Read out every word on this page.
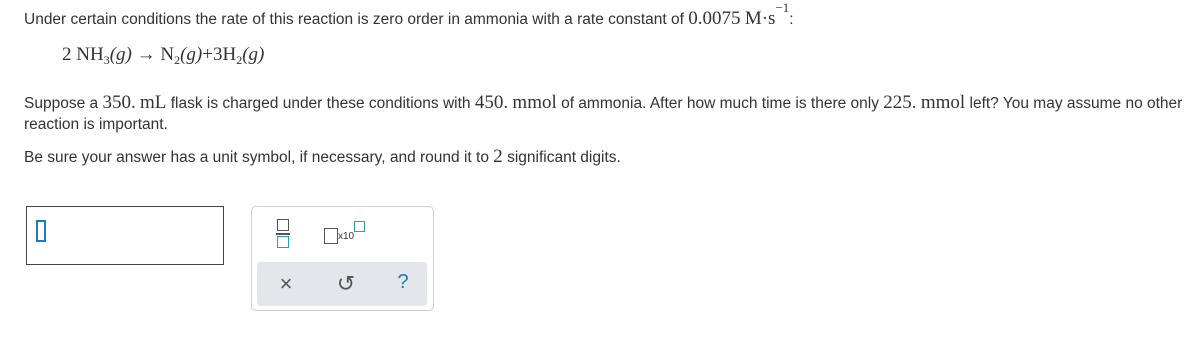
Under certain conditions the rate of this reaction is zero order in ammonia with a rate constant of 0.0075 $M\cdot s^{-1}$:
2 $NH_3(g) \to N_2(g)+3H_2(g)$
Suppose a 350. mL flask is charged under these conditions with 450. mmol of ammonia. After how much time is there only 225. mmol left? You may assume no other reaction is important.
Be sure your answer has a unit symbol, if necessary, and round it to 2 significant digits.
x10
× ↺	?
